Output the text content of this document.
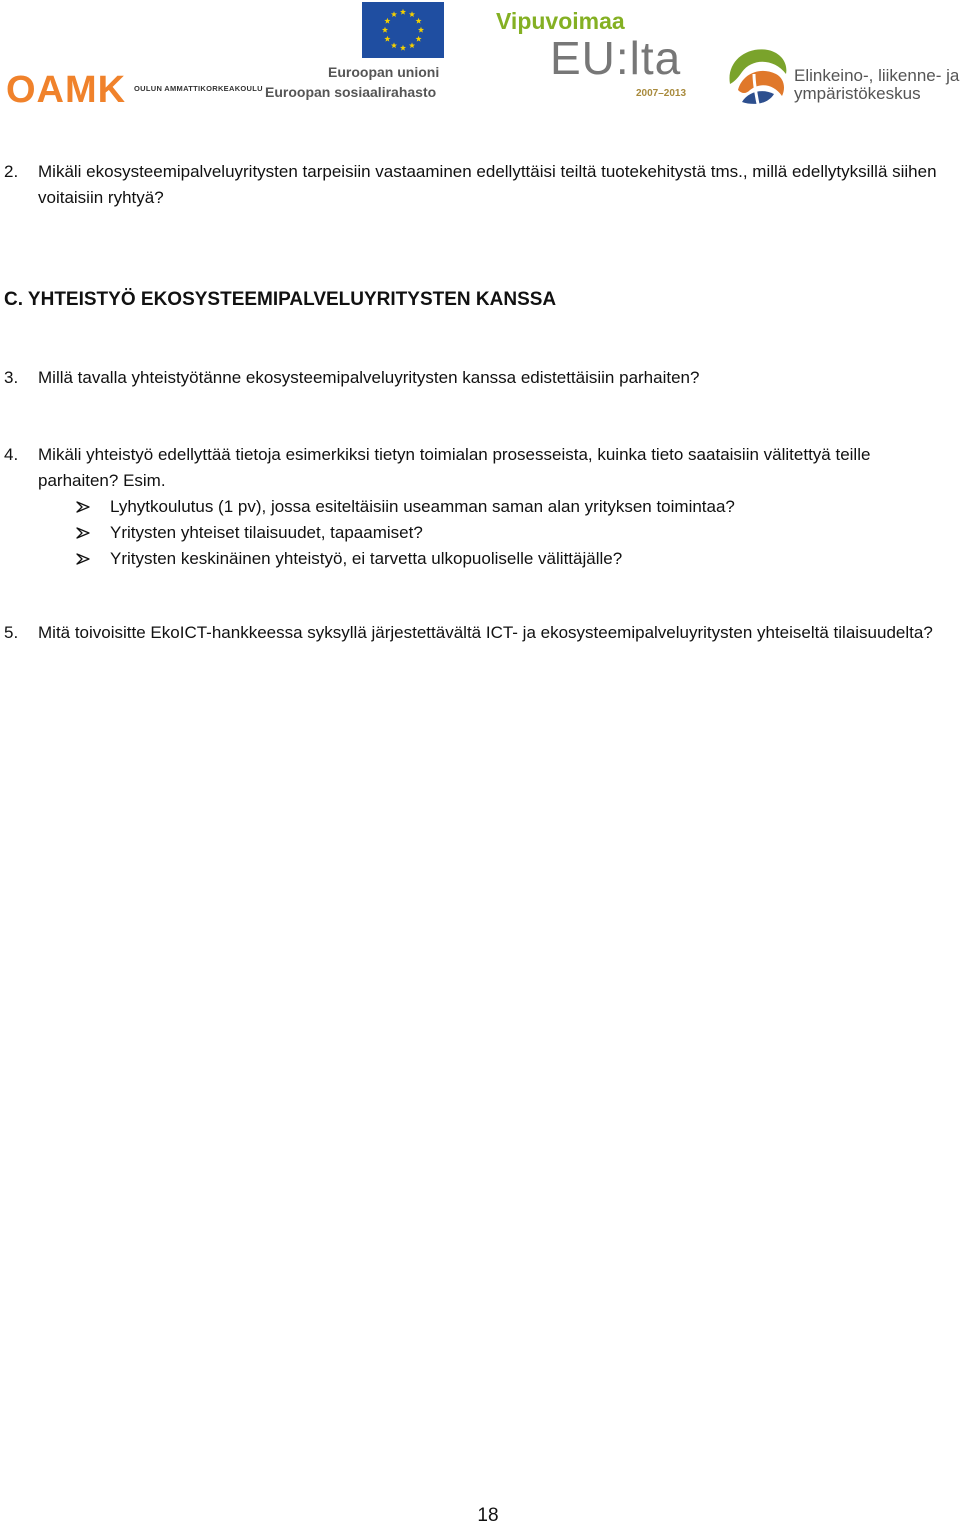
OAMK OULUN AMMATTIKORKEAKOULU
Euroopan unioni
Euroopan sosiaalirahasto
Vipuvoimaa
EU:lta
2007–2013
Elinkeino-, liikenne- ja
ympäristökeskus
2. Mikäli ekosysteemipalveluyritysten tarpeisiin vastaaminen edellyttäisi teiltä tuotekehitystä tms., millä edellytyksillä siihen voitaisiin ryhtyä?
C. YHTEISTYÖ EKOSYSTEEMIPALVELUYRITYSTEN KANSSA
3. Millä tavalla yhteistyötänne ekosysteemipalveluyritysten kanssa edistettäisiin parhaiten?
4. Mikäli yhteistyö edellyttää tietoja esimerkiksi tietyn toimialan prosesseista, kuinka tieto saataisiin välitettyä teille parhaiten? Esim.
Lyhytkoulutus (1 pv), jossa esiteltäisiin useamman saman alan yrityksen toimintaa?
Yritysten yhteiset tilaisuudet, tapaamiset?
Yritysten keskinäinen yhteistyö, ei tarvetta ulkopuoliselle välittäjälle?
5. Mitä toivoisitte EkoICT-hankkeessa syksyllä järjestettävältä ICT- ja ekosysteemipalveluyritysten yhteiseltä tilaisuudelta?
18
